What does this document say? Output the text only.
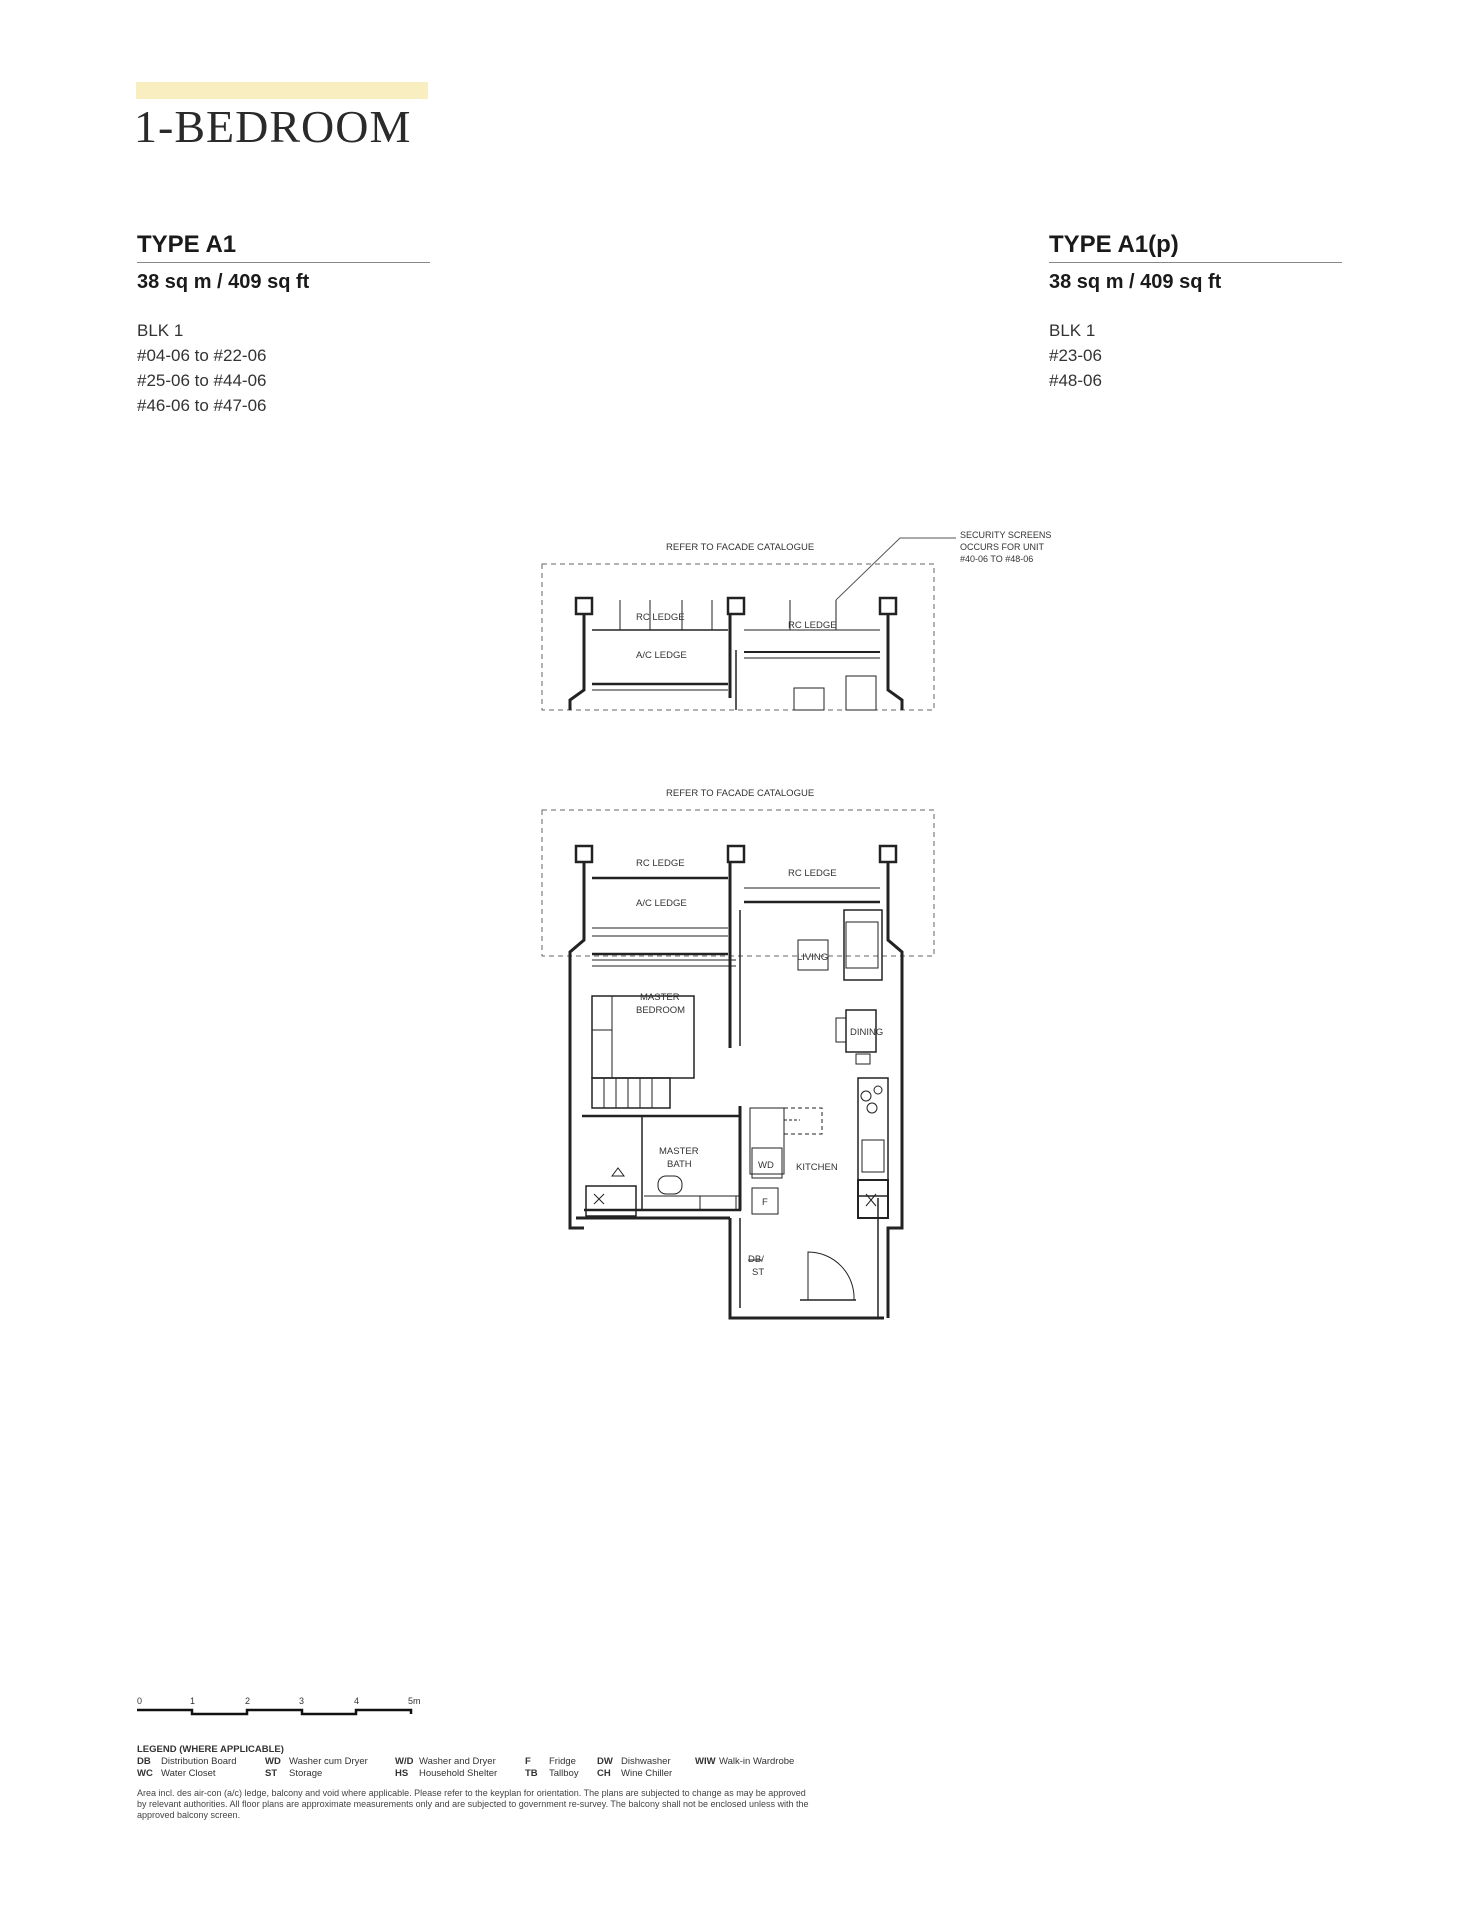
1-BEDROOM
TYPE A1
38 sq m / 409 sq ft
BLK 1
#04-06 to #22-06
#25-06 to #44-06
#46-06 to #47-06
TYPE A1(p)
38 sq m / 409 sq ft
BLK 1
#23-06
#48-06
REFER TO FACADE CATALOGUE
SECURITY SCREENS
OCCURS FOR UNIT
#40-06 TO #48-06
RC LEDGE
RC LEDGE
A/C LEDGE
REFER TO FACADE CATALOGUE
RC LEDGE
RC LEDGE
A/C LEDGE
LIVING
MASTER
BEDROOM
DINING
MASTER
BATH	WD KITCHEN
F
DB/
ST
0	1	2	3	4	5m
LEGEND (WHERE APPLICABLE)
DB Distribution Board
WC Water Closet
WD Washer cum Dryer
ST Storage
W/D Washer and Dryer
HS Household Shelter
F Fridge
TB Tallboy
DW Dishwasher
CH Wine Chiller
WIW Walk-in Wardrobe
Area incl. des air-con (a/c) ledge, balcony and void where applicable. Please refer to the keyplan for orientation. The plans are subjected to change as may be approved by relevant authorities. All floor plans are approximate measurements only and are subjected to government re-survey. The balcony shall not be enclosed unless with the approved balcony screen.
